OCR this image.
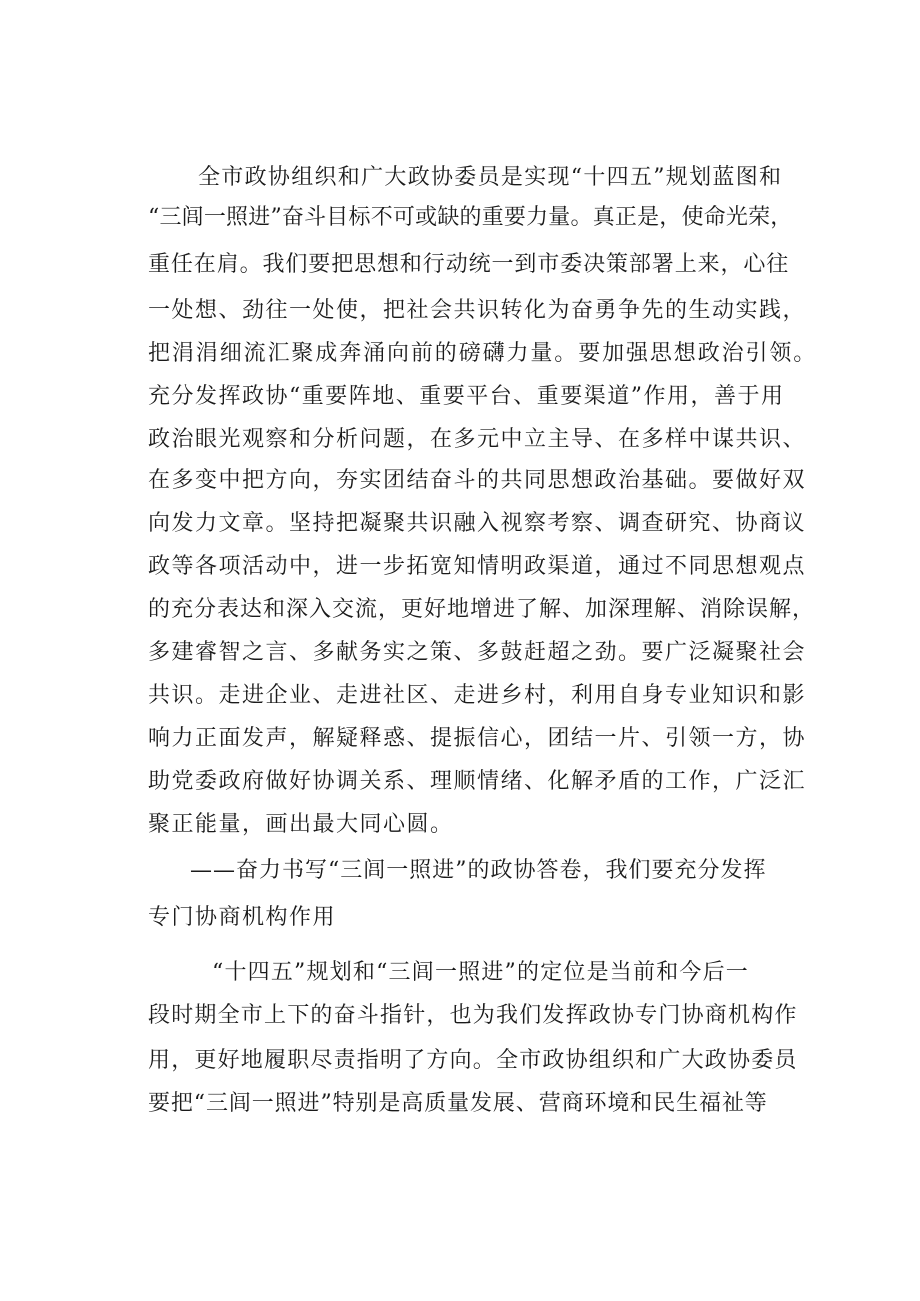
全市政协组织和广大政协委员是实现“十四五”规划蓝图和
“三闾一照进”奋斗目标不可或缺的重要力量。真正是，使命光荣，
重任在肩。我们要把思想和行动统一到市委决策部署上来，心往
一处想、劲往一处使，把社会共识转化为奋勇争先的生动实践，
把涓涓细流汇聚成奔涌向前的磅礴力量。要加强思想政治引领。
充分发挥政协“重要阵地、重要平台、重要渠道”作用，善于用
政治眼光观察和分析问题，在多元中立主导、在多样中谋共识、
在多变中把方向，夯实团结奋斗的共同思想政治基础。要做好双
向发力文章。坚持把凝聚共识融入视察考察、调查研究、协商议
政等各项活动中，进一步拓宽知情明政渠道，通过不同思想观点
的充分表达和深入交流，更好地增进了解、加深理解、消除误解，
多建睿智之言、多献务实之策、多鼓赶超之劲。要广泛凝聚社会
共识。走进企业、走进社区、走进乡村，利用自身专业知识和影
响力正面发声，解疑释惑、提振信心，团结一片、引领一方，协
助党委政府做好协调关系、理顺情绪、化解矛盾的工作，广泛汇
聚正能量，画出最大同心圆。
——奋力书写“三闾一照进”的政协答卷，我们要充分发挥
专门协商机构作用
“十四五”规划和“三闾一照进”的定位是当前和今后一
段时期全市上下的奋斗指针，也为我们发挥政协专门协商机构作
用，更好地履职尽责指明了方向。全市政协组织和广大政协委员
要把“三闾一照进”特别是高质量发展、营商环境和民生福祉等
